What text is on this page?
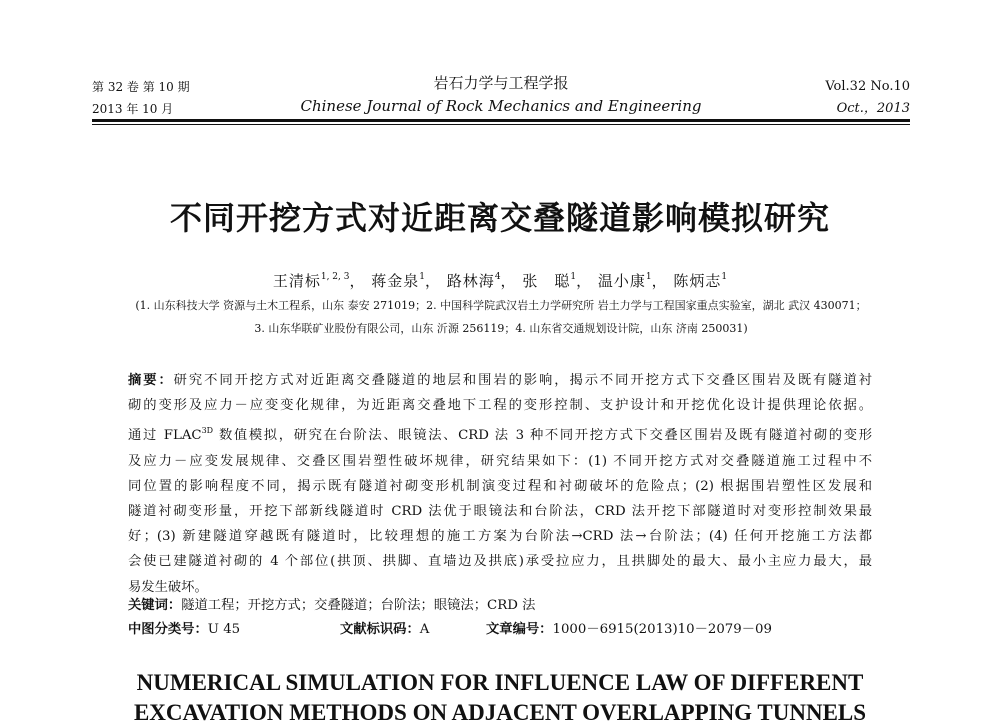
第 32 卷 第 10 期
2013 年 10 月
岩石力学与工程学报
Chinese Journal of Rock Mechanics and Engineering
Vol.32 No.10
Oct.，2013
不同开挖方式对近距离交叠隧道影响模拟研究
王清标$^{1, 2, 3}$， 蒋金泉$^1$， 路林海$^4$， 张　聪$^1$， 温小康$^1$， 陈炳志$^1$
(1. 山东科技大学 资源与土木工程系，山东 泰安 271019；2. 中国科学院武汉岩土力学研究所 岩土力学与工程国家重点实验室，湖北 武汉 430071；
3. 山东华联矿业股份有限公司，山东 沂源 256119；4. 山东省交通规划设计院，山东 济南 250031)
摘要：研究不同开挖方式对近距离交叠隧道的地层和围岩的影响，揭示不同开挖方式下交叠区围岩及既有隧道衬
砌的变形及应力－应变变化规律，为近距离交叠地下工程的变形控制、支护设计和开挖优化设计提供理论依据。
通过 $FLAC^{3D}$ 数值模拟，研究在台阶法、眼镜法、CRD 法 3 种不同开挖方式下交叠区围岩及既有隧道衬砌的变形
及应力－应变发展规律、交叠区围岩塑性破坏规律，研究结果如下：(1) 不同开挖方式对交叠隧道施工过程中不
同位置的影响程度不同，揭示既有隧道衬砌变形机制演变过程和衬砌破坏的危险点；(2) 根据围岩塑性区发展和
隧道衬砌变形量，开挖下部新线隧道时 CRD 法优于眼镜法和台阶法，CRD 法开挖下部隧道时对变形控制效果最
好；(3) 新建隧道穿越既有隧道时，比较理想的施工方案为台阶法→CRD 法→台阶法；(4) 任何开挖施工方法都
会使已建隧道衬砌的 4 个部位(拱顶、拱脚、直墙边及拱底)承受拉应力，且拱脚处的最大、最小主应力最大，最
易发生破坏。
关键词：隧道工程；开挖方式；交叠隧道；台阶法；眼镜法；CRD 法
中图分类号：U 45	文献标识码：A	文章编号：1000－6915(2013)10－2079－09
NUMERICAL SIMULATION FOR INFLUENCE LAW OF DIFFERENT
EXCAVATION METHODS ON ADJACENT OVERLAPPING TUNNELS
